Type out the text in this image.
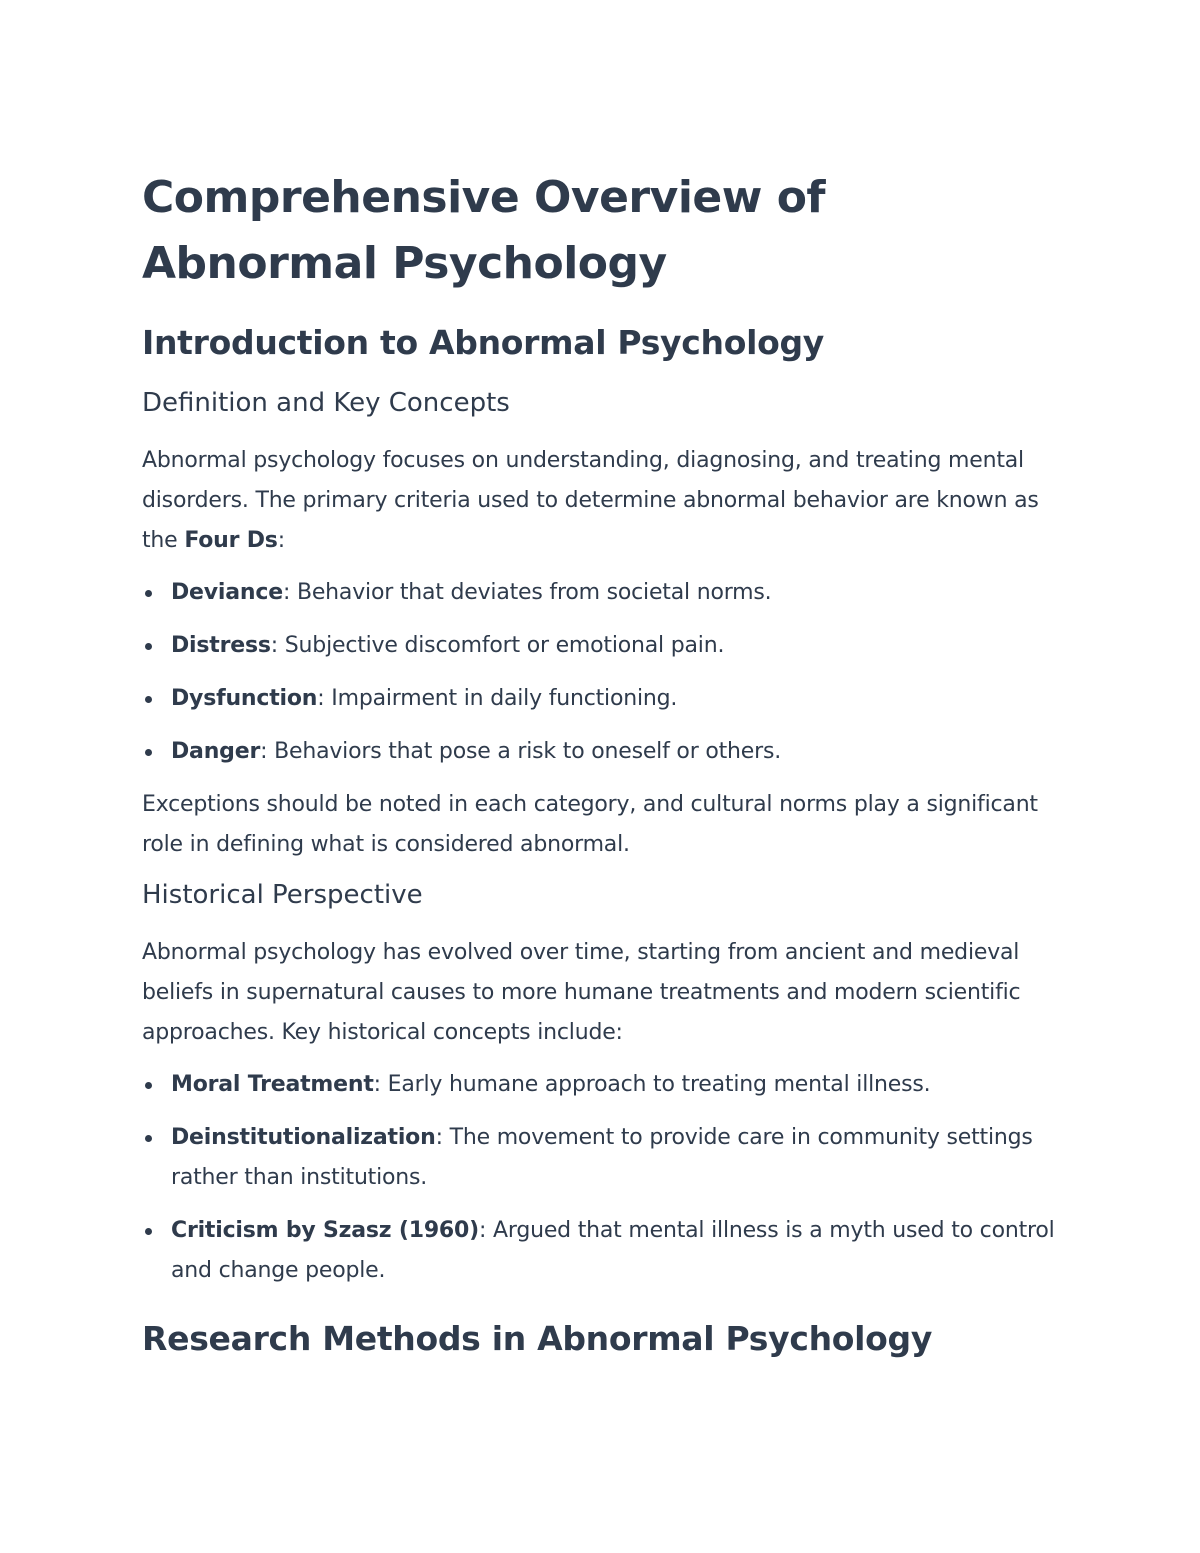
Comprehensive Overview of Abnormal Psychology
Introduction to Abnormal Psychology
Definition and Key Concepts

Abnormal psychology focuses on understanding, diagnosing, and treating mental disorders. The primary criteria used to determine abnormal behavior are known as the Four Ds:

Deviance: Behavior that deviates from societal norms.
Distress: Subjective discomfort or emotional pain.
Dysfunction: Impairment in daily functioning.
Danger: Behaviors that pose a risk to oneself or others.

Exceptions should be noted in each category, and cultural norms play a significant role in defining what is considered abnormal.

Historical Perspective

Abnormal psychology has evolved over time, starting from ancient and medieval beliefs in supernatural causes to more humane treatments and modern scientific approaches. Key historical concepts include:

Moral Treatment: Early humane approach to treating mental illness.
Deinstitutionalization: The movement to provide care in community settings rather than institutions.
Criticism by Szasz (1960): Argued that mental illness is a myth used to control and change people.
Research Methods in Abnormal Psychology
